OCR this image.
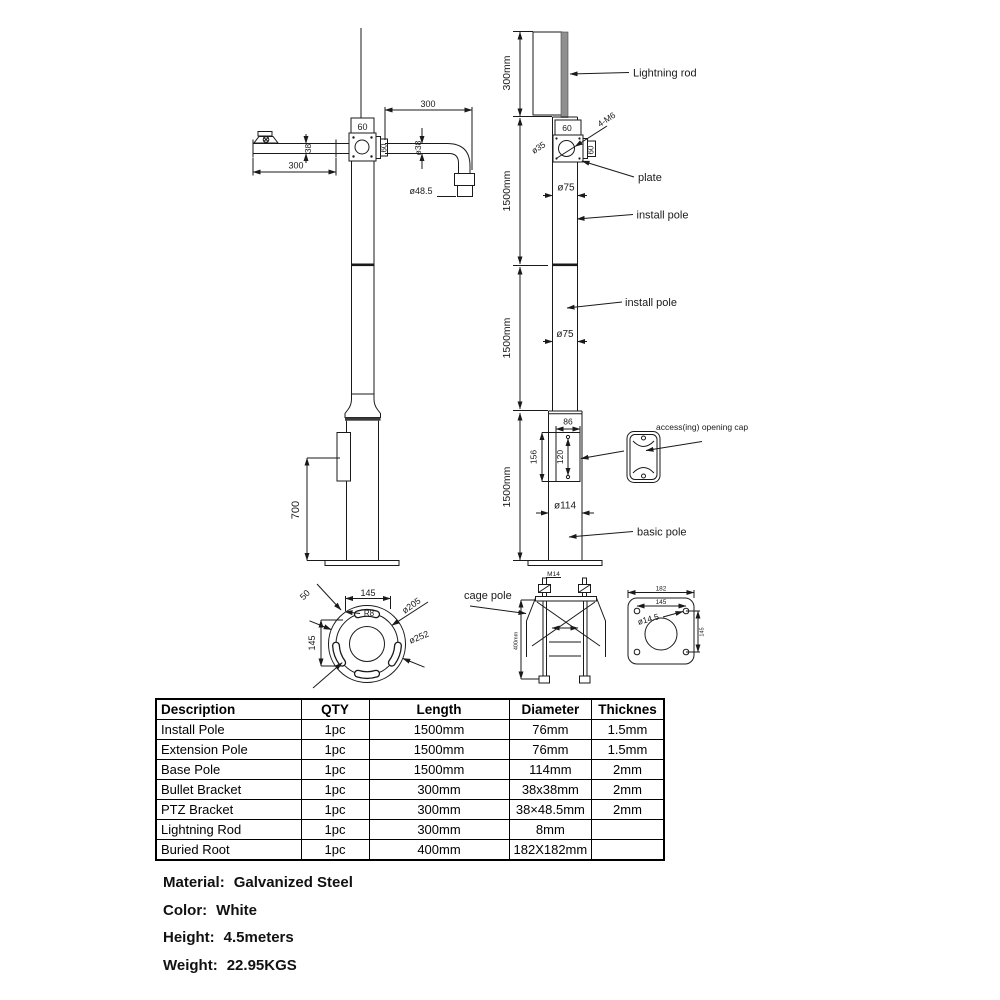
60
60
38
300
300
ø38
ø48.5
700
300mm	Lightning rod
60	4-M6
ø35	60
plate
ø75
1500mm
install pole
1500mm
install pole
ø75
1500mm
86
156 120
access(ing) opening cap
ø114
basic pole
145
50
R8	ø205
ø252
145
cage pole
M14
400mm
182
145
ø14.5
145
Description	QTY	Length	Diameter	Thicknes
Install Pole	1pc	1500mm	76mm	1.5mm
Extension Pole	1pc	1500mm	76mm	1.5mm
Base Pole	1pc	1500mm	114mm	2mm
Bullet Bracket	1pc	300mm	38x38mm	2mm
PTZ Bracket	1pc	300mm	38×48.5mm	2mm
Lightning Rod	1pc	300mm	8mm	
Buried Root	1pc	400mm	182X182mm	
Material: Galvanized Steel
Color: White
Height: 4.5meters
Weight: 22.95KGS
